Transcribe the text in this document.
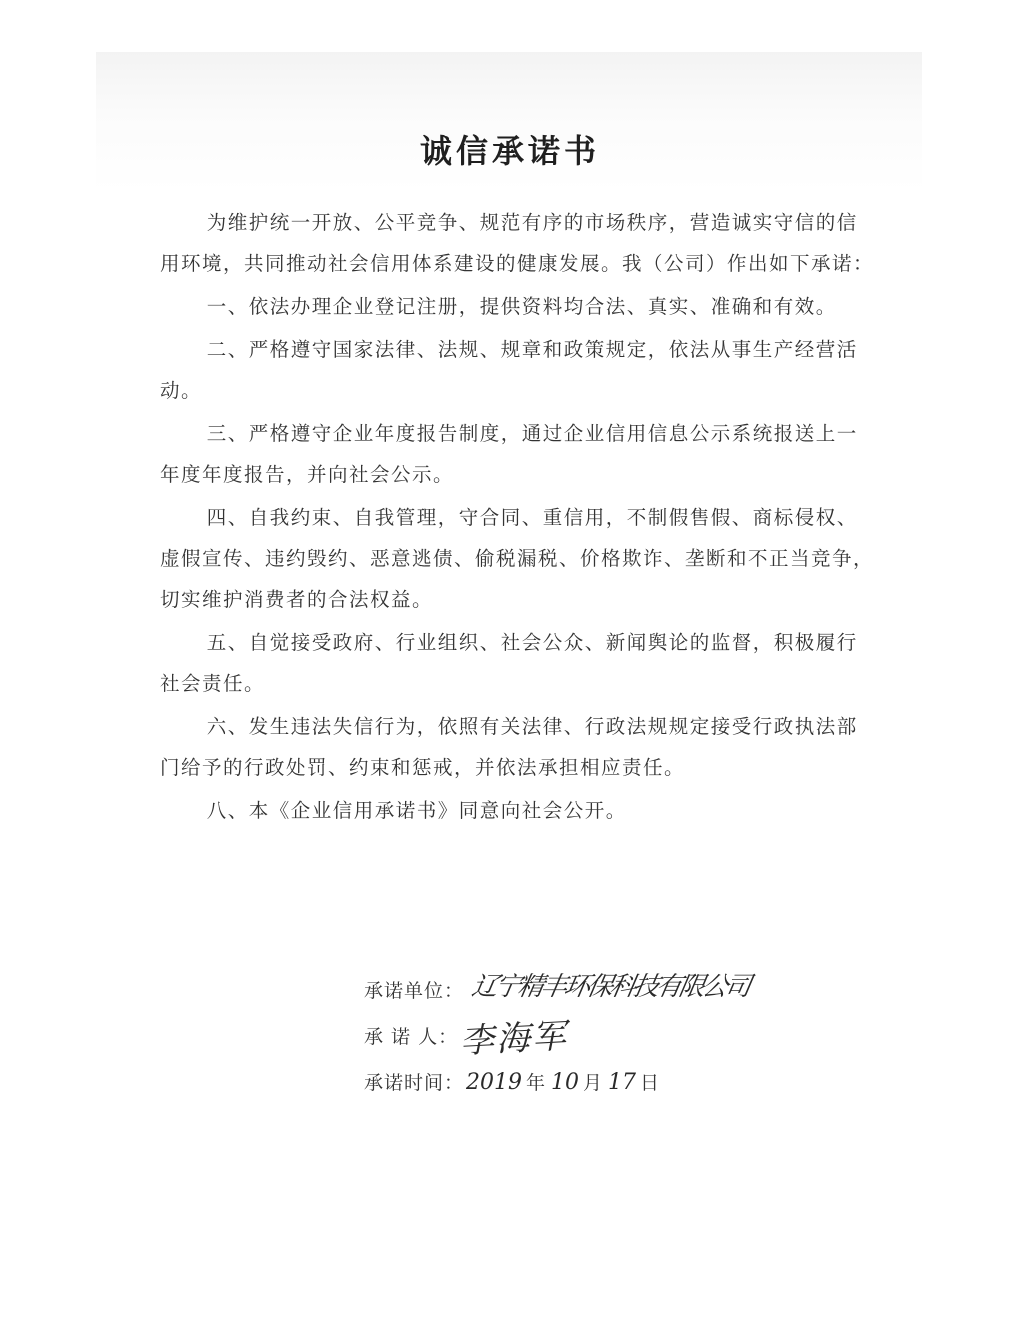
诚信承诺书

为维护统一开放、公平竞争、规范有序的市场秩序，营造诚实守信的信用环境，共同推动社会信用体系建设的健康发展。我（公司）作出如下承诺：

一、依法办理企业登记注册，提供资料均合法、真实、准确和有效。

二、严格遵守国家法律、法规、规章和政策规定，依法从事生产经营活动。

三、严格遵守企业年度报告制度，通过企业信用信息公示系统报送上一年度年度报告，并向社会公示。

四、自我约束、自我管理，守合同、重信用，不制假售假、商标侵权、虚假宣传、违约毁约、恶意逃债、偷税漏税、价格欺诈、垄断和不正当竞争，切实维护消费者的合法权益。

五、自觉接受政府、行业组织、社会公众、新闻舆论的监督，积极履行社会责任。

六、发生违法失信行为，依照有关法律、行政法规规定接受行政执法部门给予的行政处罚、约束和惩戒，并依法承担相应责任。

八、本《企业信用承诺书》同意向社会公开。

承诺单位： 辽宁精丰环保科技有限公司
承 诺 人： 李海军
承诺时间：2019 年 10 月 17 日
